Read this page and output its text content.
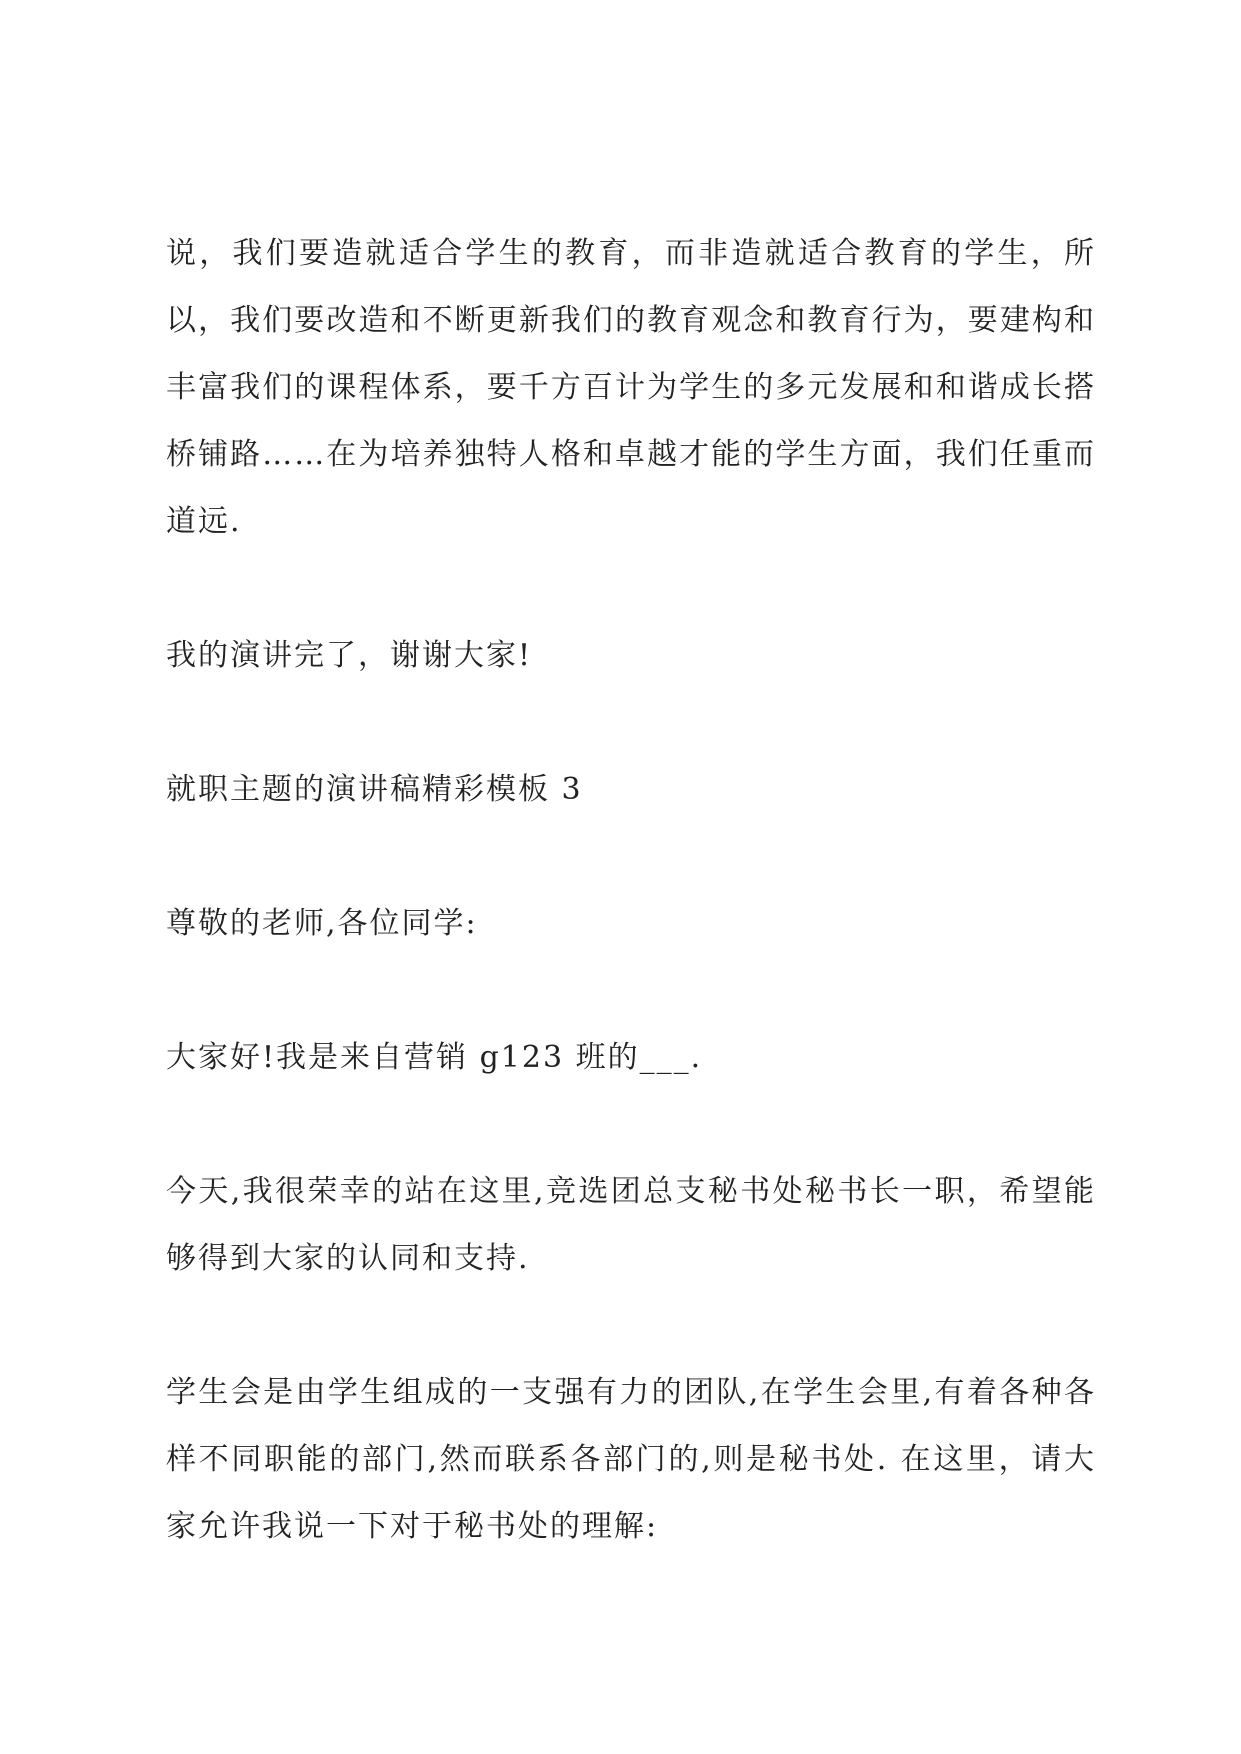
说，我们要造就适合学生的教育，而非造就适合教育的学生，所以，我们要改造和不断更新我们的教育观念和教育行为，要建构和丰富我们的课程体系，要千方百计为学生的多元发展和和谐成长搭桥铺路……在为培养独特人格和卓越才能的学生方面，我们任重而道远.

我的演讲完了，谢谢大家!

就职主题的演讲稿精彩模板 3

尊敬的老师,各位同学:

大家好!我是来自营销 g123 班的___.

今天,我很荣幸的站在这里,竞选团总支秘书处秘书长一职，希望能够得到大家的认同和支持.

学生会是由学生组成的一支强有力的团队,在学生会里,有着各种各样不同职能的部门,然而联系各部门的,则是秘书处. 在这里，请大家允许我说一下对于秘书处的理解:
